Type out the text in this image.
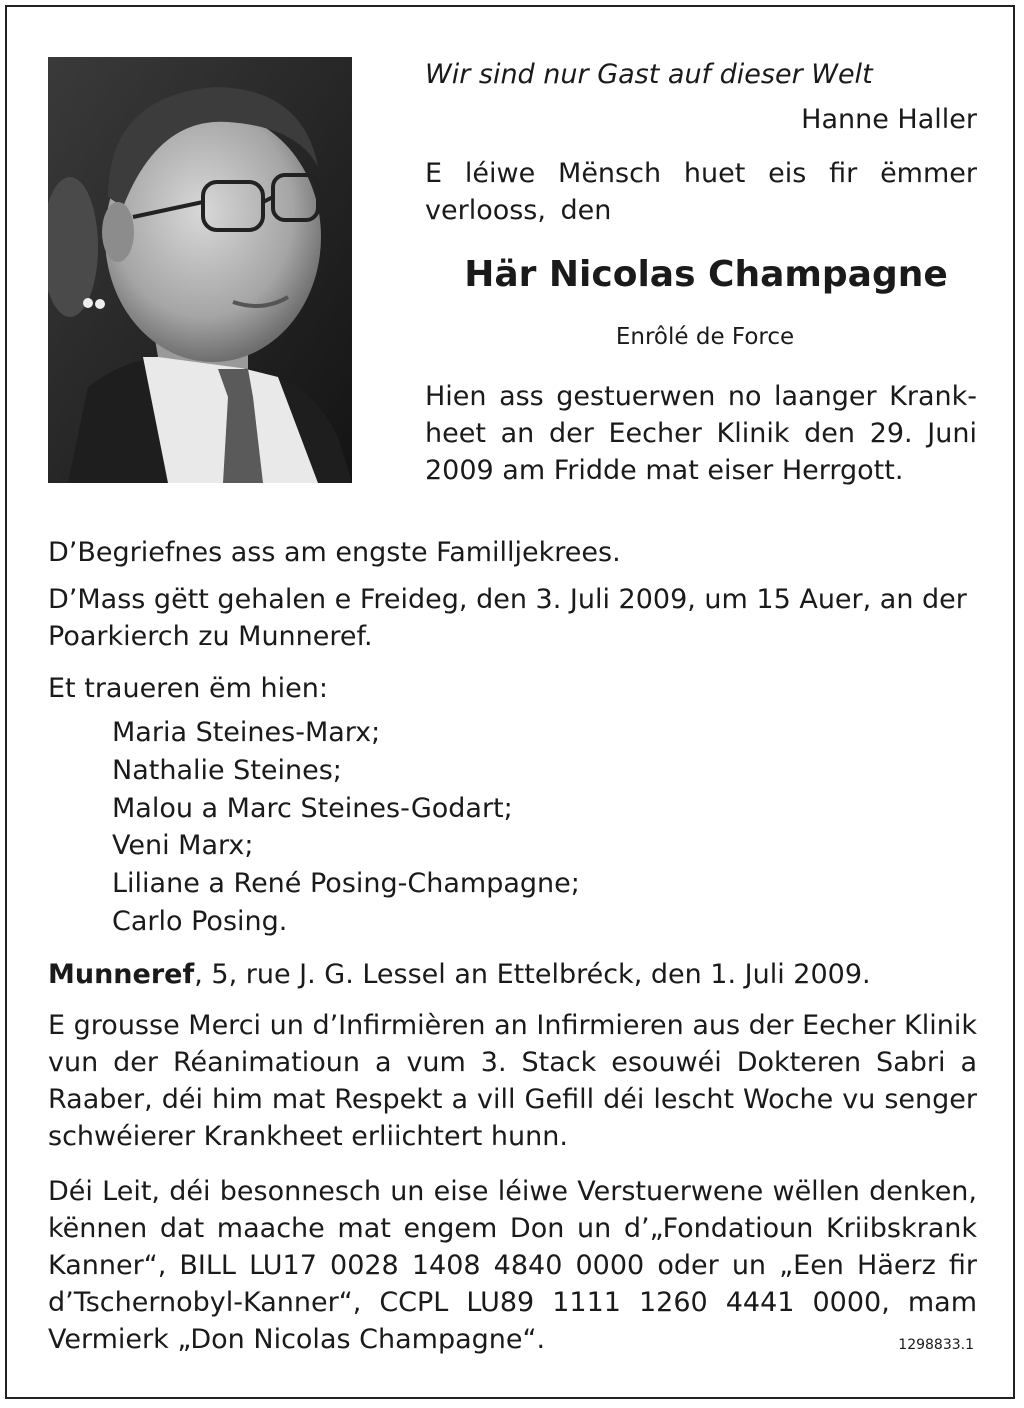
Wir sind nur Gast auf dieser Welt
Hanne Haller
E léiwe Mënsch huet eis fir ëmmer verlooss, den
Här Nicolas Champagne
Enrôlé de Force
Hien ass gestuerwen no laanger Krankheet an der Eecher Klinik den 29. Juni 2009 am Fridde mat eiser Herrgott.
D’Begriefnes ass am engste Familljekrees.
D’Mass gëtt gehalen e Freideg, den 3. Juli 2009, um 15 Auer, an der Poarkierch zu Munneref.
Et traueren ëm hien:
Maria Steines-Marx;
Nathalie Steines;
Malou a Marc Steines-Godart;
Veni Marx;
Liliane a René Posing-Champagne;
Carlo Posing.
Munneref, 5, rue J. G. Lessel an Ettelbréck, den 1. Juli 2009.
E grousse Merci un d’Infirmièren an Infirmieren aus der Eecher Klinik vun der Réanimatioun a vum 3. Stack esouwéi Dokteren Sabri a Raaber, déi him mat Respekt a vill Gefill déi lescht Woche vu senger schwéierer Krankheet erliichtert hunn.
Déi Leit, déi besonnesch un eise léiwe Verstuerwene wëllen denken, kënnen dat maache mat engem Don un d’„Fondatioun Kriibskrank Kanner“, BILL LU17 0028 1408 4840 0000 oder un „Een Häerz fir d’Tschernobyl-Kanner“, CCPL LU89 1111 1260 4441 0000, mam Vermierk „Don Nicolas Champagne“.	1298833.1
